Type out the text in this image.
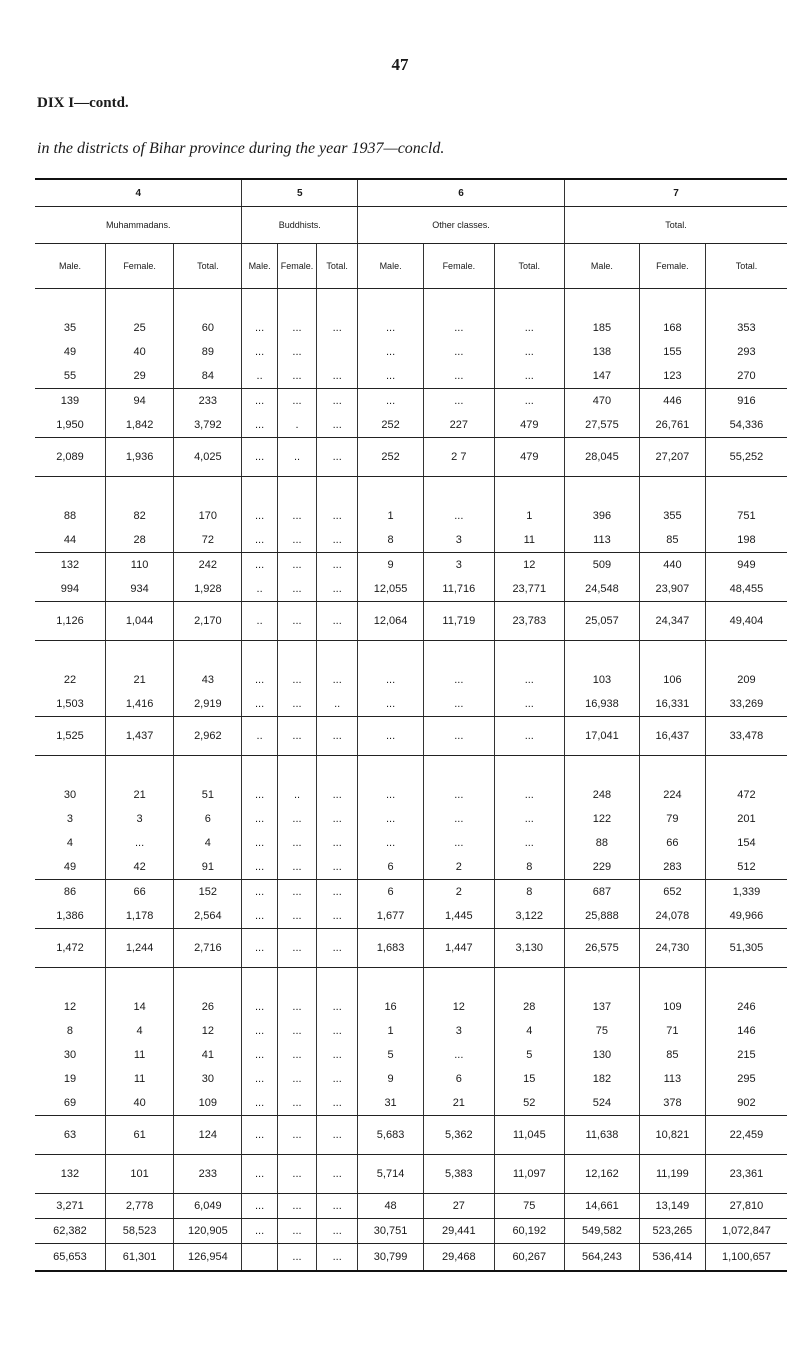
47
DIX I—contd.
in the districts of Bihar province during the year 1937—concld.
4			5			6			7		
Muhammadans.			Buddhists.			Other classes.			Total.		
Male.	Female.	Total.	Male.	Female.	Total.	Male.	Female.	Total.	Male.	Female.	Total.

35	25	60	...	...	...	...	...	...	185	168	353
49	40	89	...	...		...	...	...	138	155	293
55	29	84	..	...	...	...	...	...	147	123	270
139	94	233	...	...	...	...	...	...	470	446	916
1,950	1,842	3,792	...	.	...	252	227	479	27,575	26,761	54,336
2,089	1,936	4,025	...	..	...	252	2 7	479	28,045	27,207	55,252

88	82	170	...	...	...	1	...	1	396	355	751
44	28	72	...	...	...	8	3	11	113	85	198
132	110	242	...	...	...	9	3	12	509	440	949
994	934	1,928	..	...	...	12,055	11,716	23,771	24,548	23,907	48,455
1,126	1,044	2,170	..	...	...	12,064	11,719	23,783	25,057	24,347	49,404

22	21	43	...	...	...	...	...	...	103	106	209
1,503	1,416	2,919	...	...	..	...	...	...	16,938	16,331	33,269
1,525	1,437	2,962	..	...	...	...	...	...	17,041	16,437	33,478

30	21	51	...	..	...	...	...	...	248	224	472
3	3	6	...	...	...	...	...	...	122	79	201
4	...	4	...	...	...	...	...	...	88	66	154
49	42	91	...	...	...	6	2	8	229	283	512
86	66	152	...	...	...	6	2	8	687	652	1,339
1,386	1,178	2,564	...	...	...	1,677	1,445	3,122	25,888	24,078	49,966
1,472	1,244	2,716	...	...	...	1,683	1,447	3,130	26,575	24,730	51,305

12	14	26	...	...	...	16	12	28	137	109	246
8	4	12	...	...	...	1	3	4	75	71	146
30	11	41	...	...	...	5	...	5	130	85	215
19	11	30	...	...	...	9	6	15	182	113	295
69	40	109	...	...	...	31	21	52	524	378	902
63	61	124	...	...	...	5,683	5,362	11,045	11,638	10,821	22,459
132	101	233	...	...	...	5,714	5,383	11,097	12,162	11,199	23,361
3,271	2,778	6,049	...	...	...	48	27	75	14,661	13,149	27,810
62,382	58,523	120,905	...	...	...	30,751	29,441	60,192	549,582	523,265	1,072,847
65,653	61,301	126,954		...	...	30,799	29,468	60,267	564,243	536,414	1,100,657
